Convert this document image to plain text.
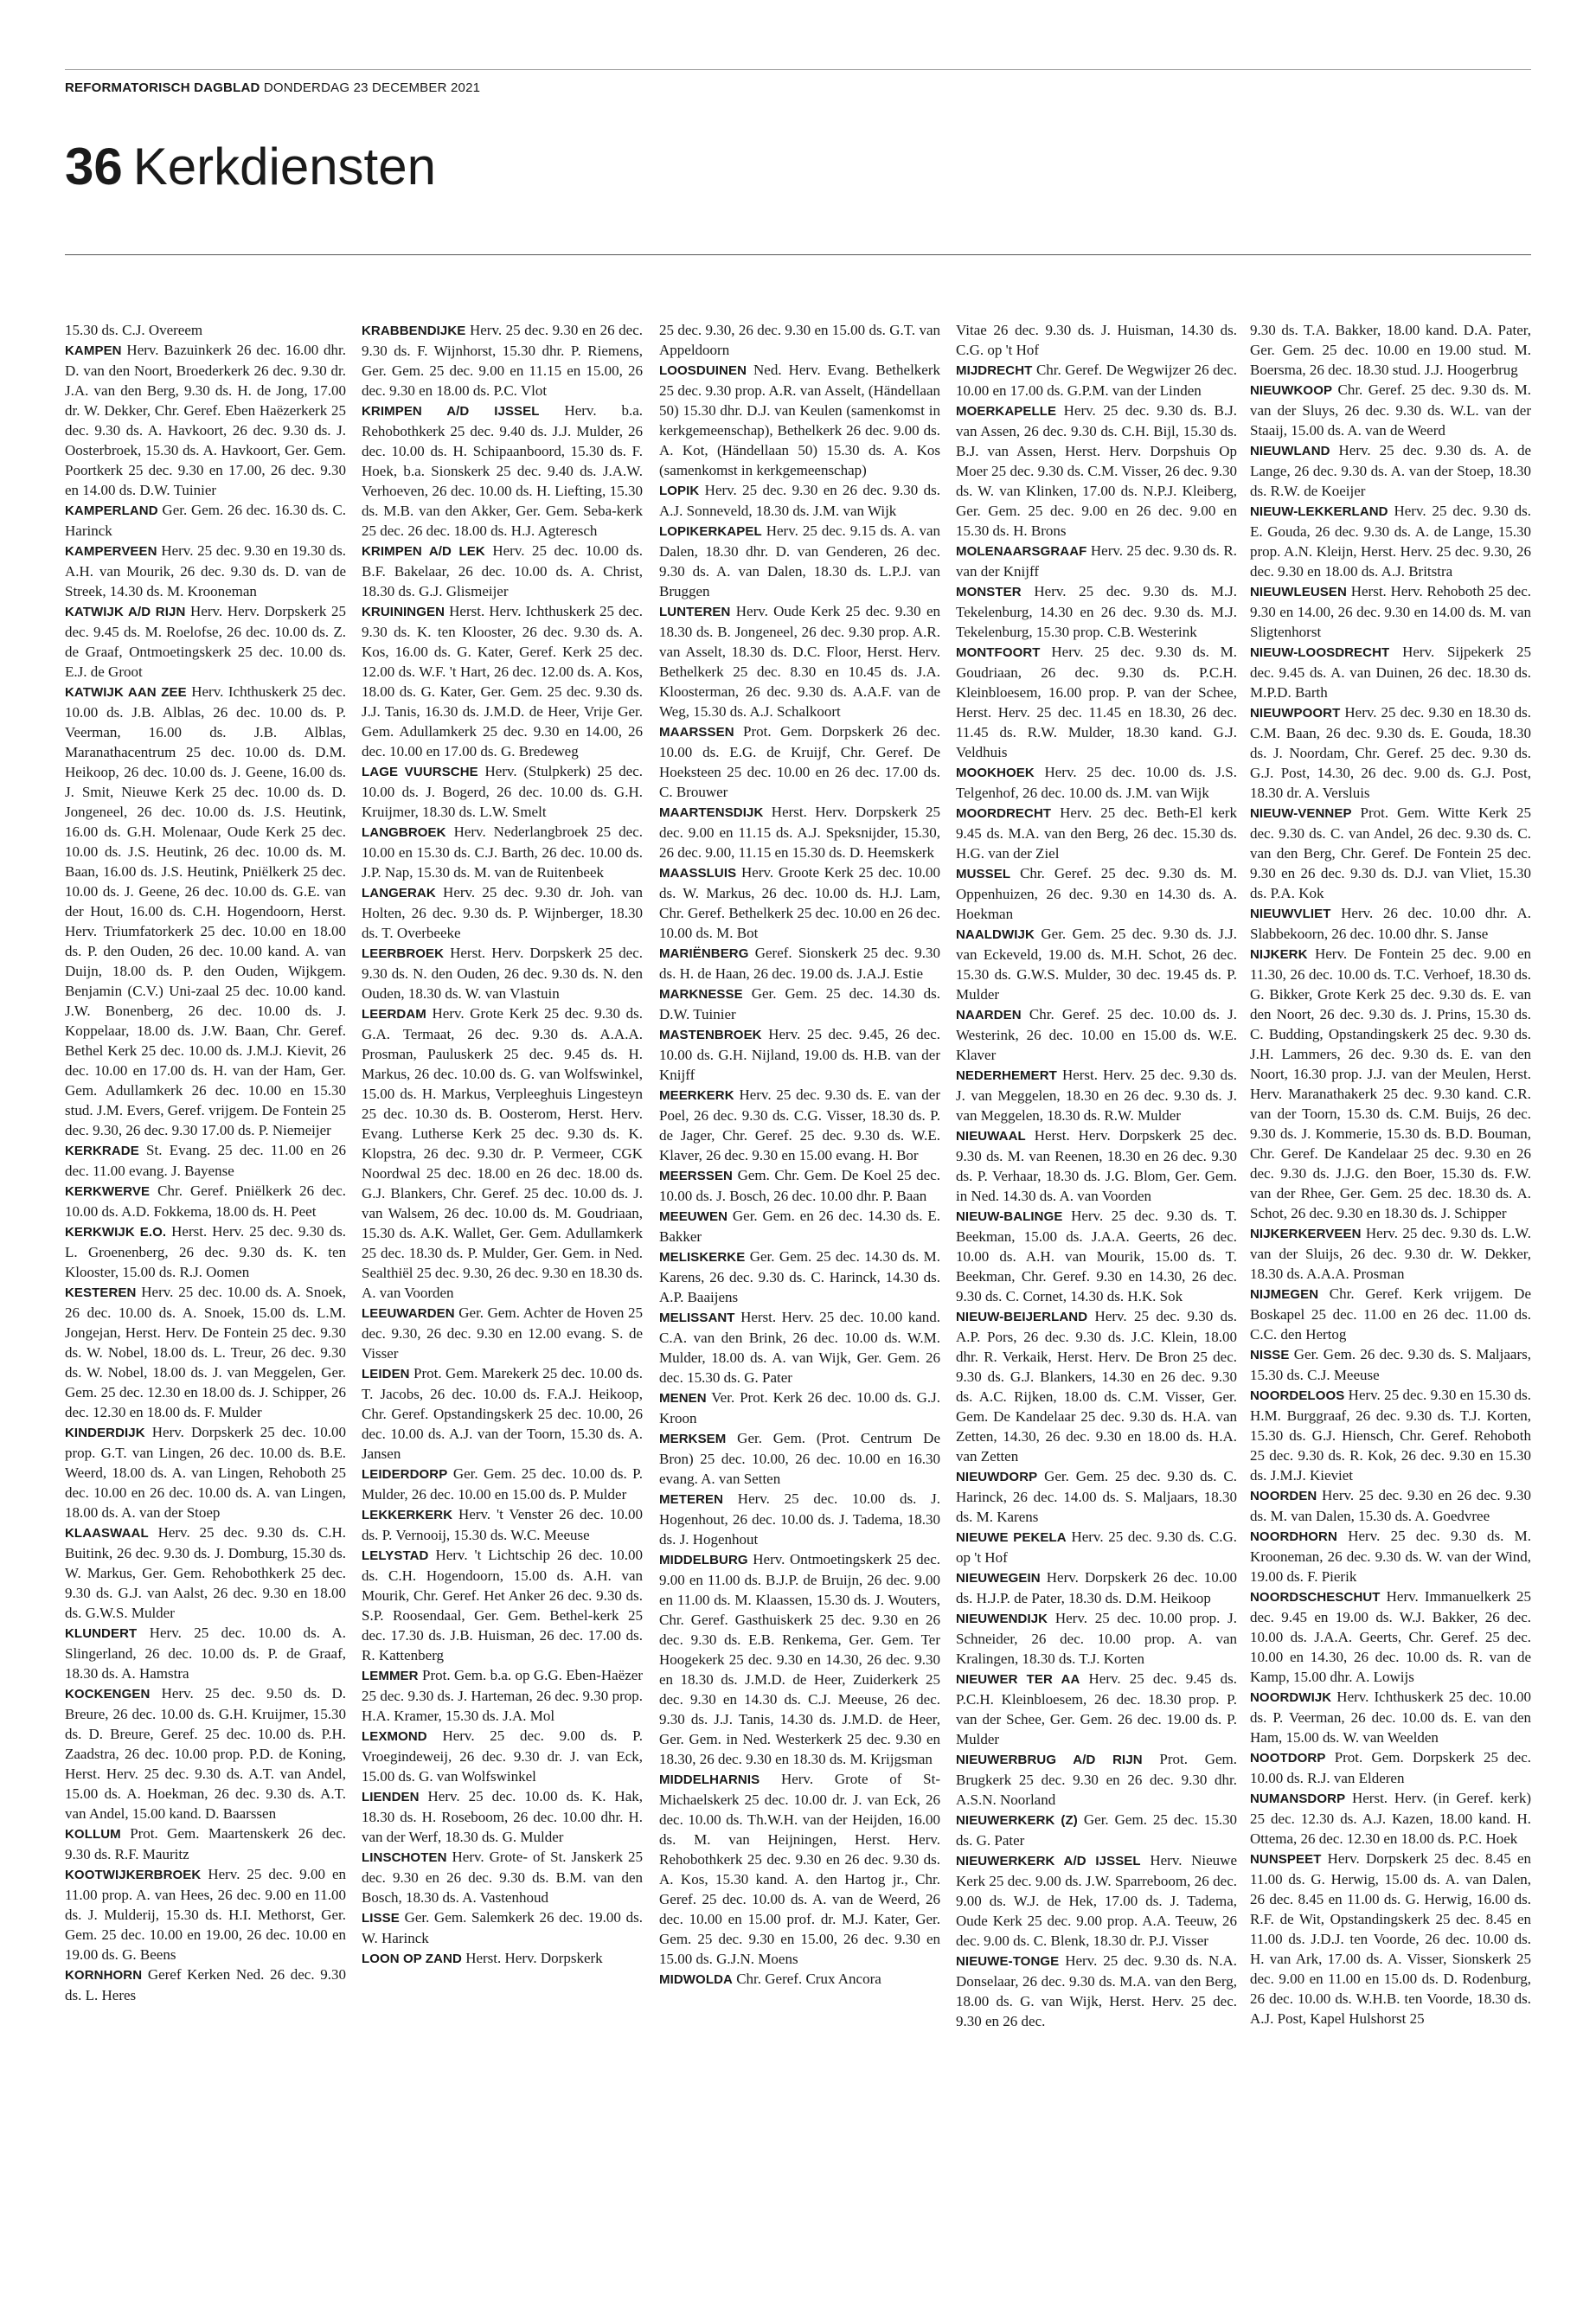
REFORMATORISCH DAGBLAD DONDERDAG 23 DECEMBER 2021
36 Kerkdiensten

15.30 ds. C.J. Overeem

KAMPEN Herv. Bazuinkerk 26 dec. 16.00 dhr. D. van den Noort, Broederkerk 26 dec. 9.30 dr. J.A. van den Berg, 9.30 ds. H. de Jong, 17.00 dr. W. Dekker, Chr. Geref. Eben Haëzerkerk 25 dec. 9.30 ds. A. Havkoort, 26 dec. 9.30 ds. J. Oosterbroek, 15.30 ds. A. Havkoort, Ger. Gem. Poortkerk 25 dec. 9.30 en 17.00, 26 dec. 9.30 en 14.00 ds. D.W. Tuinier

KAMPERLAND Ger. Gem. 26 dec. 16.30 ds. C. Harinck

KAMPERVEEN Herv. 25 dec. 9.30 en 19.30 ds. A.H. van Mourik, 26 dec. 9.30 ds. D. van de Streek, 14.30 ds. M. Krooneman

KATWIJK A/D RIJN Herv. Herv. Dorpskerk 25 dec. 9.45 ds. M. Roelofse, 26 dec. 10.00 ds. Z. de Graaf, Ontmoetingskerk 25 dec. 10.00 ds. E.J. de Groot

KATWIJK AAN ZEE Herv. Ichthuskerk 25 dec. 10.00 ds. J.B. Alblas, 26 dec. 10.00 ds. P. Veerman, 16.00 ds. J.B. Alblas, Maranathacentrum 25 dec. 10.00 ds. D.M. Heikoop, 26 dec. 10.00 ds. J. Geene, 16.00 ds. J. Smit, Nieuwe Kerk 25 dec. 10.00 ds. D. Jongeneel, 26 dec. 10.00 ds. J.S. Heutink, 16.00 ds. G.H. Molenaar, Oude Kerk 25 dec. 10.00 ds. J.S. Heutink, 26 dec. 10.00 ds. M. Baan, 16.00 ds. J.S. Heutink, Pniëlkerk 25 dec. 10.00 ds. J. Geene, 26 dec. 10.00 ds. G.E. van der Hout, 16.00 ds. C.H. Hogendoorn, Herst. Herv. Triumfatorkerk 25 dec. 10.00 en 18.00 ds. P. den Ouden, 26 dec. 10.00 kand. A. van Duijn, 18.00 ds. P. den Ouden, Wijkgem. Benjamin (C.V.) Uni-zaal 25 dec. 10.00 kand. J.W. Bonenberg, 26 dec. 10.00 ds. J. Koppelaar, 18.00 ds. J.W. Baan, Chr. Geref. Bethel Kerk 25 dec. 10.00 ds. J.M.J. Kievit, 26 dec. 10.00 en 17.00 ds. H. van der Ham, Ger. Gem. Adullamkerk 26 dec. 10.00 en 15.30 stud. J.M. Evers, Geref. vrijgem. De Fontein 25 dec. 9.30, 26 dec. 9.30 17.00 ds. P. Niemeijer

KERKRADE St. Evang. 25 dec. 11.00 en 26 dec. 11.00 evang. J. Bayense

KERKWERVE Chr. Geref. Pniëlkerk 26 dec. 10.00 ds. A.D. Fokkema, 18.00 ds. H. Peet

KERKWIJK E.O. Herst. Herv. 25 dec. 9.30 ds. L. Groenenberg, 26 dec. 9.30 ds. K. ten Klooster, 15.00 ds. R.J. Oomen

KESTEREN Herv. 25 dec. 10.00 ds. A. Snoek, 26 dec. 10.00 ds. A. Snoek, 15.00 ds. L.M. Jongejan, Herst. Herv. De Fontein 25 dec. 9.30 ds. W. Nobel, 18.00 ds. L. Treur, 26 dec. 9.30 ds. W. Nobel, 18.00 ds. J. van Meggelen, Ger. Gem. 25 dec. 12.30 en 18.00 ds. J. Schipper, 26 dec. 12.30 en 18.00 ds. F. Mulder

KINDERDIJK Herv. Dorpskerk 25 dec. 10.00 prop. G.T. van Lingen, 26 dec. 10.00 ds. B.E. Weerd, 18.00 ds. A. van Lingen, Rehoboth 25 dec. 10.00 en 26 dec. 10.00 ds. A. van Lingen, 18.00 ds. A. van der Stoep

KLAASWAAL Herv. 25 dec. 9.30 ds. C.H. Buitink, 26 dec. 9.30 ds. J. Domburg, 15.30 ds. W. Markus, Ger. Gem. Rehobothkerk 25 dec. 9.30 ds. G.J. van Aalst, 26 dec. 9.30 en 18.00 ds. G.W.S. Mulder

KLUNDERT Herv. 25 dec. 10.00 ds. A. Slingerland, 26 dec. 10.00 ds. P. de Graaf, 18.30 ds. A. Hamstra

KOCKENGEN Herv. 25 dec. 9.50 ds. D. Breure, 26 dec. 10.00 ds. G.H. Kruijmer, 15.30 ds. D. Breure, Geref. 25 dec. 10.00 ds. P.H. Zaadstra, 26 dec. 10.00 prop. P.D. de Koning, Herst. Herv. 25 dec. 9.30 ds. A.T. van Andel, 15.00 ds. A. Hoekman, 26 dec. 9.30 ds. A.T. van Andel, 15.00 kand. D. Baarssen

KOLLUM Prot. Gem. Maartenskerk 26 dec. 9.30 ds. R.F. Mauritz

KOOTWIJKERBROEK Herv. 25 dec. 9.00 en 11.00 prop. A. van Hees, 26 dec. 9.00 en 11.00 ds. J. Mulderij, 15.30 ds. H.I. Methorst, Ger. Gem. 25 dec. 10.00 en 19.00, 26 dec. 10.00 en 19.00 ds. G. Beens

KORNHORN Geref Kerken Ned. 26 dec. 9.30 ds. L. Heres

KRABBENDIJKE Herv. 25 dec. 9.30 en 26 dec. 9.30 ds. F. Wijnhorst, 15.30 dhr. P. Riemens, Ger. Gem. 25 dec. 9.00 en 11.15 en 15.00, 26 dec. 9.30 en 18.00 ds. P.C. Vlot

KRIMPEN A/D IJSSEL Herv. b.a. Rehobothkerk 25 dec. 9.40 ds. J.J. Mulder, 26 dec. 10.00 ds. H. Schipaanboord, 15.30 ds. F. Hoek, b.a. Sionskerk 25 dec. 9.40 ds. J.A.W. Verhoeven, 26 dec. 10.00 ds. H. Liefting, 15.30 ds. M.B. van den Akker, Ger. Gem. Seba-kerk 25 dec. 26 dec. 18.00 ds. H.J. Agteresch

KRIMPEN A/D LEK Herv. 25 dec. 10.00 ds. B.F. Bakelaar, 26 dec. 10.00 ds. A. Christ, 18.30 ds. G.J. Glismeijer

KRUININGEN Herst. Herv. Ichthuskerk 25 dec. 9.30 ds. K. ten Klooster, 26 dec. 9.30 ds. A. Kos, 16.00 ds. G. Kater, Geref. Kerk 25 dec. 12.00 ds. W.F. 't Hart, 26 dec. 12.00 ds. A. Kos, 18.00 ds. G. Kater, Ger. Gem. 25 dec. 9.30 ds. J.J. Tanis, 16.30 ds. J.M.D. de Heer, Vrije Ger. Gem. Adullamkerk 25 dec. 9.30 en 14.00, 26 dec. 10.00 en 17.00 ds. G. Bredeweg

LAGE VUURSCHE Herv. (Stulpkerk) 25 dec. 10.00 ds. J. Bogerd, 26 dec. 10.00 ds. G.H. Kruijmer, 18.30 ds. L.W. Smelt

LANGBROEK Herv. Nederlangbroek 25 dec. 10.00 en 15.30 ds. C.J. Barth, 26 dec. 10.00 ds. J.P. Nap, 15.30 ds. M. van de Ruitenbeek

LANGERAK Herv. 25 dec. 9.30 dr. Joh. van Holten, 26 dec. 9.30 ds. P. Wijnberger, 18.30 ds. T. Overbeeke

LEERBROEK Herst. Herv. Dorpskerk 25 dec. 9.30 ds. N. den Ouden, 26 dec. 9.30 ds. N. den Ouden, 18.30 ds. W. van Vlastuin

LEERDAM Herv. Grote Kerk 25 dec. 9.30 ds. G.A. Termaat, 26 dec. 9.30 ds. A.A.A. Prosman, Pauluskerk 25 dec. 9.45 ds. H. Markus, 26 dec. 10.00 ds. G. van Wolfswinkel, 15.00 ds. H. Markus, Verpleeghuis Lingesteyn 25 dec. 10.30 ds. B. Oosterom, Herst. Herv. Evang. Lutherse Kerk 25 dec. 9.30 ds. K. Klopstra, 26 dec. 9.30 dr. P. Vermeer, CGK Noordwal 25 dec. 18.00 en 26 dec. 18.00 ds. G.J. Blankers, Chr. Geref. 25 dec. 10.00 ds. J. van Walsem, 26 dec. 10.00 ds. M. Goudriaan, 15.30 ds. A.K. Wallet, Ger. Gem. Adullamkerk 25 dec. 18.30 ds. P. Mulder, Ger. Gem. in Ned. Sealthiël 25 dec. 9.30, 26 dec. 9.30 en 18.30 ds. A. van Voorden

LEEUWARDEN Ger. Gem. Achter de Hoven 25 dec. 9.30, 26 dec. 9.30 en 12.00 evang. S. de Visser

LEIDEN Prot. Gem. Marekerk 25 dec. 10.00 ds. T. Jacobs, 26 dec. 10.00 ds. F.A.J. Heikoop, Chr. Geref. Opstandingskerk 25 dec. 10.00, 26 dec. 10.00 ds. A.J. van der Toorn, 15.30 ds. A. Jansen

LEIDERDORP Ger. Gem. 25 dec. 10.00 ds. P. Mulder, 26 dec. 10.00 en 15.00 ds. P. Mulder

LEKKERKERK Herv. 't Venster 26 dec. 10.00 ds. P. Vernooij, 15.30 ds. W.C. Meeuse

LELYSTAD Herv. 't Lichtschip 26 dec. 10.00 ds. C.H. Hogendoorn, 15.00 ds. A.H. van Mourik, Chr. Geref. Het Anker 26 dec. 9.30 ds. S.P. Roosendaal, Ger. Gem. Bethel-kerk 25 dec. 17.30 ds. J.B. Huisman, 26 dec. 17.00 ds. R. Kattenberg

LEMMER Prot. Gem. b.a. op G.G. Eben-Haëzer 25 dec. 9.30 ds. J. Harteman, 26 dec. 9.30 prop. H.A. Kramer, 15.30 ds. J.A. Mol

LEXMOND Herv. 25 dec. 9.00 ds. P. Vroegindeweij, 26 dec. 9.30 dr. J. van Eck, 15.00 ds. G. van Wolfswinkel

LIENDEN Herv. 25 dec. 10.00 ds. K. Hak, 18.30 ds. H. Roseboom, 26 dec. 10.00 dhr. H. van der Werf, 18.30 ds. G. Mulder

LINSCHOTEN Herv. Grote- of St. Janskerk 25 dec. 9.30 en 26 dec. 9.30 ds. B.M. van den Bosch, 18.30 ds. A. Vastenhoud

LISSE Ger. Gem. Salemkerk 26 dec. 19.00 ds. W. Harinck

LOON OP ZAND Herst. Herv. Dorpskerk

25 dec. 9.30, 26 dec. 9.30 en 15.00 ds. G.T. van Appeldoorn

LOOSDUINEN Ned. Herv. Evang. Bethelkerk 25 dec. 9.30 prop. A.R. van Asselt, (Händellaan 50) 15.30 dhr. D.J. van Keulen (samenkomst in kerkgemeenschap), Bethelkerk 26 dec. 9.00 ds. A. Kot, (Händellaan 50) 15.30 ds. A. Kos (samenkomst in kerkgemeenschap)

LOPIK Herv. 25 dec. 9.30 en 26 dec. 9.30 ds. A.J. Sonneveld, 18.30 ds. J.M. van Wijk

LOPIKERKAPEL Herv. 25 dec. 9.15 ds. A. van Dalen, 18.30 dhr. D. van Genderen, 26 dec. 9.30 ds. A. van Dalen, 18.30 ds. L.P.J. van Bruggen

LUNTEREN Herv. Oude Kerk 25 dec. 9.30 en 18.30 ds. B. Jongeneel, 26 dec. 9.30 prop. A.R. van Asselt, 18.30 ds. D.C. Floor, Herst. Herv. Bethelkerk 25 dec. 8.30 en 10.45 ds. J.A. Kloosterman, 26 dec. 9.30 ds. A.A.F. van de Weg, 15.30 ds. A.J. Schalkoort

MAARSSEN Prot. Gem. Dorpskerk 26 dec. 10.00 ds. E.G. de Kruijf, Chr. Geref. De Hoeksteen 25 dec. 10.00 en 26 dec. 17.00 ds. C. Brouwer

MAARTENSDIJK Herst. Herv. Dorpskerk 25 dec. 9.00 en 11.15 ds. A.J. Speksnijder, 15.30, 26 dec. 9.00, 11.15 en 15.30 ds. D. Heemskerk

MAASSLUIS Herv. Groote Kerk 25 dec. 10.00 ds. W. Markus, 26 dec. 10.00 ds. H.J. Lam, Chr. Geref. Bethelkerk 25 dec. 10.00 en 26 dec. 10.00 ds. M. Bot

MARIËNBERG Geref. Sionskerk 25 dec. 9.30 ds. H. de Haan, 26 dec. 19.00 ds. J.A.J. Estie

MARKNESSE Ger. Gem. 25 dec. 14.30 ds. D.W. Tuinier

MASTENBROEK Herv. 25 dec. 9.45, 26 dec. 10.00 ds. G.H. Nijland, 19.00 ds. H.B. van der Knijff

MEERKERK Herv. 25 dec. 9.30 ds. E. van der Poel, 26 dec. 9.30 ds. C.G. Visser, 18.30 ds. P. de Jager, Chr. Geref. 25 dec. 9.30 ds. W.E. Klaver, 26 dec. 9.30 en 15.00 evang. H. Bor

MEERSSEN Gem. Chr. Gem. De Koel 25 dec. 10.00 ds. J. Bosch, 26 dec. 10.00 dhr. P. Baan

MEEUWEN Ger. Gem. en 26 dec. 14.30 ds. E. Bakker

MELISKERKE Ger. Gem. 25 dec. 14.30 ds. M. Karens, 26 dec. 9.30 ds. C. Harinck, 14.30 ds. A.P. Baaijens

MELISSANT Herst. Herv. 25 dec. 10.00 kand. C.A. van den Brink, 26 dec. 10.00 ds. W.M. Mulder, 18.00 ds. A. van Wijk, Ger. Gem. 26 dec. 15.30 ds. G. Pater

MENEN Ver. Prot. Kerk 26 dec. 10.00 ds. G.J. Kroon

MERKSEM Ger. Gem. (Prot. Centrum De Bron) 25 dec. 10.00, 26 dec. 10.00 en 16.30 evang. A. van Setten

METEREN Herv. 25 dec. 10.00 ds. J. Hogenhout, 26 dec. 10.00 ds. J. Tadema, 18.30 ds. J. Hogenhout

MIDDELBURG Herv. Ontmoetingskerk 25 dec. 9.00 en 11.00 ds. B.J.P. de Bruijn, 26 dec. 9.00 en 11.00 ds. M. Klaassen, 15.30 ds. J. Wouters, Chr. Geref. Gasthuiskerk 25 dec. 9.30 en 26 dec. 9.30 ds. E.B. Renkema, Ger. Gem. Ter Hoogekerk 25 dec. 9.30 en 14.30, 26 dec. 9.30 en 18.30 ds. J.M.D. de Heer, Zuiderkerk 25 dec. 9.30 en 14.30 ds. C.J. Meeuse, 26 dec. 9.30 ds. J.J. Tanis, 14.30 ds. J.M.D. de Heer, Ger. Gem. in Ned. Westerkerk 25 dec. 9.30 en 18.30, 26 dec. 9.30 en 18.30 ds. M. Krijgsman

MIDDELHARNIS Herv. Grote of St-Michaelskerk 25 dec. 10.00 dr. J. van Eck, 26 dec. 10.00 ds. Th.W.H. van der Heijden, 16.00 ds. M. van Heijningen, Herst. Herv. Rehobothkerk 25 dec. 9.30 en 26 dec. 9.30 ds. A. Kos, 15.30 kand. A. den Hartog jr., Chr. Geref. 25 dec. 10.00 ds. A. van de Weerd, 26 dec. 10.00 en 15.00 prof. dr. M.J. Kater, Ger. Gem. 25 dec. 9.30 en 15.00, 26 dec. 9.30 en 15.00 ds. G.J.N. Moens

MIDWOLDA Chr. Geref. Crux Ancora

Vitae 26 dec. 9.30 ds. J. Huisman, 14.30 ds. C.G. op 't Hof

MIJDRECHT Chr. Geref. De Wegwijzer 26 dec. 10.00 en 17.00 ds. G.P.M. van der Linden

MOERKAPELLE Herv. 25 dec. 9.30 ds. B.J. van Assen, 26 dec. 9.30 ds. C.H. Bijl, 15.30 ds. B.J. van Assen, Herst. Herv. Dorpshuis Op Moer 25 dec. 9.30 ds. C.M. Visser, 26 dec. 9.30 ds. W. van Klinken, 17.00 ds. N.P.J. Kleiberg, Ger. Gem. 25 dec. 9.00 en 26 dec. 9.00 en 15.30 ds. H. Brons

MOLENAARSGRAAF Herv. 25 dec. 9.30 ds. R. van der Knijff

MONSTER Herv. 25 dec. 9.30 ds. M.J. Tekelenburg, 14.30 en 26 dec. 9.30 ds. M.J. Tekelenburg, 15.30 prop. C.B. Westerink

MONTFOORT Herv. 25 dec. 9.30 ds. M. Goudriaan, 26 dec. 9.30 ds. P.C.H. Kleinbloesem, 16.00 prop. P. van der Schee, Herst. Herv. 25 dec. 11.45 en 18.30, 26 dec. 11.45 ds. R.W. Mulder, 18.30 kand. G.J. Veldhuis

MOOKHOEK Herv. 25 dec. 10.00 ds. J.S. Telgenhof, 26 dec. 10.00 ds. J.M. van Wijk

MOORDRECHT Herv. 25 dec. Beth-El kerk 9.45 ds. M.A. van den Berg, 26 dec. 15.30 ds. H.G. van der Ziel

MUSSEL Chr. Geref. 25 dec. 9.30 ds. M. Oppenhuizen, 26 dec. 9.30 en 14.30 ds. A. Hoekman

NAALDWIJK Ger. Gem. 25 dec. 9.30 ds. J.J. van Eckeveld, 19.00 ds. M.H. Schot, 26 dec. 15.30 ds. G.W.S. Mulder, 30 dec. 19.45 ds. P. Mulder

NAARDEN Chr. Geref. 25 dec. 10.00 ds. J. Westerink, 26 dec. 10.00 en 15.00 ds. W.E. Klaver

NEDERHEMERT Herst. Herv. 25 dec. 9.30 ds. J. van Meggelen, 18.30 en 26 dec. 9.30 ds. J. van Meggelen, 18.30 ds. R.W. Mulder

NIEUWAAL Herst. Herv. Dorpskerk 25 dec. 9.30 ds. M. van Reenen, 18.30 en 26 dec. 9.30 ds. P. Verhaar, 18.30 ds. J.G. Blom, Ger. Gem. in Ned. 14.30 ds. A. van Voorden

NIEUW-BALINGE Herv. 25 dec. 9.30 ds. T. Beekman, 15.00 ds. J.A.A. Geerts, 26 dec. 10.00 ds. A.H. van Mourik, 15.00 ds. T. Beekman, Chr. Geref. 9.30 en 14.30, 26 dec. 9.30 ds. C. Cornet, 14.30 ds. H.K. Sok

NIEUW-BEIJERLAND Herv. 25 dec. 9.30 ds. A.P. Pors, 26 dec. 9.30 ds. J.C. Klein, 18.00 dhr. R. Verkaik, Herst. Herv. De Bron 25 dec. 9.30 ds. G.J. Blankers, 14.30 en 26 dec. 9.30 ds. A.C. Rijken, 18.00 ds. C.M. Visser, Ger. Gem. De Kandelaar 25 dec. 9.30 ds. H.A. van Zetten, 14.30, 26 dec. 9.30 en 18.00 ds. H.A. van Zetten

NIEUWDORP Ger. Gem. 25 dec. 9.30 ds. C. Harinck, 26 dec. 14.00 ds. S. Maljaars, 18.30 ds. M. Karens

NIEUWE PEKELA Herv. 25 dec. 9.30 ds. C.G. op 't Hof

NIEUWEGEIN Herv. Dorpskerk 26 dec. 10.00 ds. H.J.P. de Pater, 18.30 ds. D.M. Heikoop

NIEUWENDIJK Herv. 25 dec. 10.00 prop. J. Schneider, 26 dec. 10.00 prop. A. van Kralingen, 18.30 ds. T.J. Korten

NIEUWER TER AA Herv. 25 dec. 9.45 ds. P.C.H. Kleinbloesem, 26 dec. 18.30 prop. P. van der Schee, Ger. Gem. 26 dec. 19.00 ds. P. Mulder

NIEUWERBRUG A/D RIJN Prot. Gem. Brugkerk 25 dec. 9.30 en 26 dec. 9.30 dhr. A.S.N. Noorland

NIEUWERKERK (Z) Ger. Gem. 25 dec. 15.30 ds. G. Pater

NIEUWERKERK A/D IJSSEL Herv. Nieuwe Kerk 25 dec. 9.00 ds. J.W. Sparreboom, 26 dec. 9.00 ds. W.J. de Hek, 17.00 ds. J. Tadema, Oude Kerk 25 dec. 9.00 prop. A.A. Teeuw, 26 dec. 9.00 ds. C. Blenk, 18.30 dr. P.J. Visser

NIEUWE-TONGE Herv. 25 dec. 9.30 ds. N.A. Donselaar, 26 dec. 9.30 ds. M.A. van den Berg, 18.00 ds. G. van Wijk, Herst. Herv. 25 dec. 9.30 en 26 dec.

9.30 ds. T.A. Bakker, 18.00 kand. D.A. Pater, Ger. Gem. 25 dec. 10.00 en 19.00 stud. M. Boersma, 26 dec. 18.30 stud. J.J. Hoogerbrug

NIEUWKOOP Chr. Geref. 25 dec. 9.30 ds. M. van der Sluys, 26 dec. 9.30 ds. W.L. van der Staaij, 15.00 ds. A. van de Weerd

NIEUWLAND Herv. 25 dec. 9.30 ds. A. de Lange, 26 dec. 9.30 ds. A. van der Stoep, 18.30 ds. R.W. de Koeijer

NIEUW-LEKKERLAND Herv. 25 dec. 9.30 ds. E. Gouda, 26 dec. 9.30 ds. A. de Lange, 15.30 prop. A.N. Kleijn, Herst. Herv. 25 dec. 9.30, 26 dec. 9.30 en 18.00 ds. A.J. Britstra

NIEUWLEUSEN Herst. Herv. Rehoboth 25 dec. 9.30 en 14.00, 26 dec. 9.30 en 14.00 ds. M. van Sligtenhorst

NIEUW-LOOSDRECHT Herv. Sijpekerk 25 dec. 9.45 ds. A. van Duinen, 26 dec. 18.30 ds. M.P.D. Barth

NIEUWPOORT Herv. 25 dec. 9.30 en 18.30 ds. C.M. Baan, 26 dec. 9.30 ds. E. Gouda, 18.30 ds. J. Noordam, Chr. Geref. 25 dec. 9.30 ds. G.J. Post, 14.30, 26 dec. 9.00 ds. G.J. Post, 18.30 dr. A. Versluis

NIEUW-VENNEP Prot. Gem. Witte Kerk 25 dec. 9.30 ds. C. van Andel, 26 dec. 9.30 ds. C. van den Berg, Chr. Geref. De Fontein 25 dec. 9.30 en 26 dec. 9.30 ds. D.J. van Vliet, 15.30 ds. P.A. Kok

NIEUWVLIET Herv. 26 dec. 10.00 dhr. A. Slabbekoorn, 26 dec. 10.00 dhr. S. Janse

NIJKERK Herv. De Fontein 25 dec. 9.00 en 11.30, 26 dec. 10.00 ds. T.C. Verhoef, 18.30 ds. G. Bikker, Grote Kerk 25 dec. 9.30 ds. E. van den Noort, 26 dec. 9.30 ds. J. Prins, 15.30 ds. C. Budding, Opstandingskerk 25 dec. 9.30 ds. J.H. Lammers, 26 dec. 9.30 ds. E. van den Noort, 16.30 prop. J.J. van der Meulen, Herst. Herv. Maranathakerk 25 dec. 9.30 kand. C.R. van der Toorn, 15.30 ds. C.M. Buijs, 26 dec. 9.30 ds. J. Kommerie, 15.30 ds. B.D. Bouman, Chr. Geref. De Kandelaar 25 dec. 9.30 en 26 dec. 9.30 ds. J.J.G. den Boer, 15.30 ds. F.W. van der Rhee, Ger. Gem. 25 dec. 18.30 ds. A. Schot, 26 dec. 9.30 en 18.30 ds. J. Schipper

NIJKERKERVEEN Herv. 25 dec. 9.30 ds. L.W. van der Sluijs, 26 dec. 9.30 dr. W. Dekker, 18.30 ds. A.A.A. Prosman

NIJMEGEN Chr. Geref. Kerk vrijgem. De Boskapel 25 dec. 11.00 en 26 dec. 11.00 ds. C.C. den Hertog

NISSE Ger. Gem. 26 dec. 9.30 ds. S. Maljaars, 15.30 ds. C.J. Meeuse

NOORDELOOS Herv. 25 dec. 9.30 en 15.30 ds. H.M. Burggraaf, 26 dec. 9.30 ds. T.J. Korten, 15.30 ds. G.J. Hiensch, Chr. Geref. Rehoboth 25 dec. 9.30 ds. R. Kok, 26 dec. 9.30 en 15.30 ds. J.M.J. Kieviet

NOORDEN Herv. 25 dec. 9.30 en 26 dec. 9.30 ds. M. van Dalen, 15.30 ds. A. Goedvree

NOORDHORN Herv. 25 dec. 9.30 ds. M. Krooneman, 26 dec. 9.30 ds. W. van der Wind, 19.00 ds. F. Pierik

NOORDSCHESCHUT Herv. Immanuelkerk 25 dec. 9.45 en 19.00 ds. W.J. Bakker, 26 dec. 10.00 ds. J.A.A. Geerts, Chr. Geref. 25 dec. 10.00 en 14.30, 26 dec. 10.00 ds. R. van de Kamp, 15.00 dhr. A. Lowijs

NOORDWIJK Herv. Ichthuskerk 25 dec. 10.00 ds. P. Veerman, 26 dec. 10.00 ds. E. van den Ham, 15.00 ds. W. van Weelden

NOOTDORP Prot. Gem. Dorpskerk 25 dec. 10.00 ds. R.J. van Elderen

NUMANSDORP Herst. Herv. (in Geref. kerk) 25 dec. 12.30 ds. A.J. Kazen, 18.00 kand. H. Ottema, 26 dec. 12.30 en 18.00 ds. P.C. Hoek

NUNSPEET Herv. Dorpskerk 25 dec. 8.45 en 11.00 ds. G. Herwig, 15.00 ds. A. van Dalen, 26 dec. 8.45 en 11.00 ds. G. Herwig, 16.00 ds. R.F. de Wit, Opstandingskerk 25 dec. 8.45 en 11.00 ds. J.D.J. ten Voorde, 26 dec. 10.00 ds. H. van Ark, 17.00 ds. A. Visser, Sionskerk 25 dec. 9.00 en 11.00 en 15.00 ds. D. Rodenburg, 26 dec. 10.00 ds. W.H.B. ten Voorde, 18.30 ds. A.J. Post, Kapel Hulshorst 25
